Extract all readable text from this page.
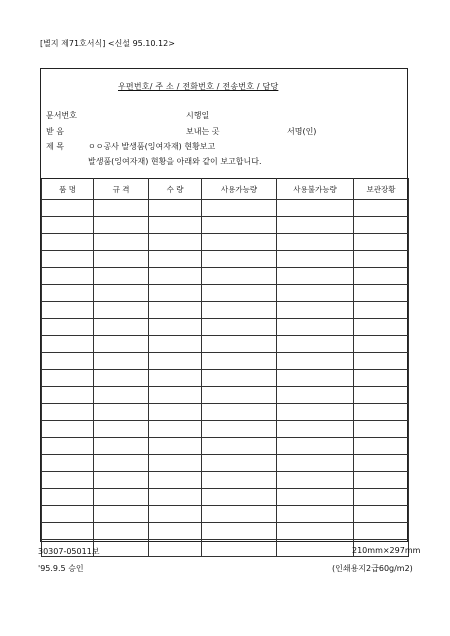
[별지 제71호서식] <신설 95.10.12>
우편번호/ 주 소 / 전화번호 / 전송번호 / 담당
문서번호	시행일
받 음	보내는 곳	서명(인)
제 목	ㅇㅇ공사 발생품(잉여자재) 현황보고
발생품(잉여자재) 현황을 아래와 같이 보고합니다.
품 명	규 격	수 량	사용가능량	사용불가능량	보관장황

30307-05011보	210mm×297mm
'95.9.5 승인	(인쇄용지2급60g/m2)
